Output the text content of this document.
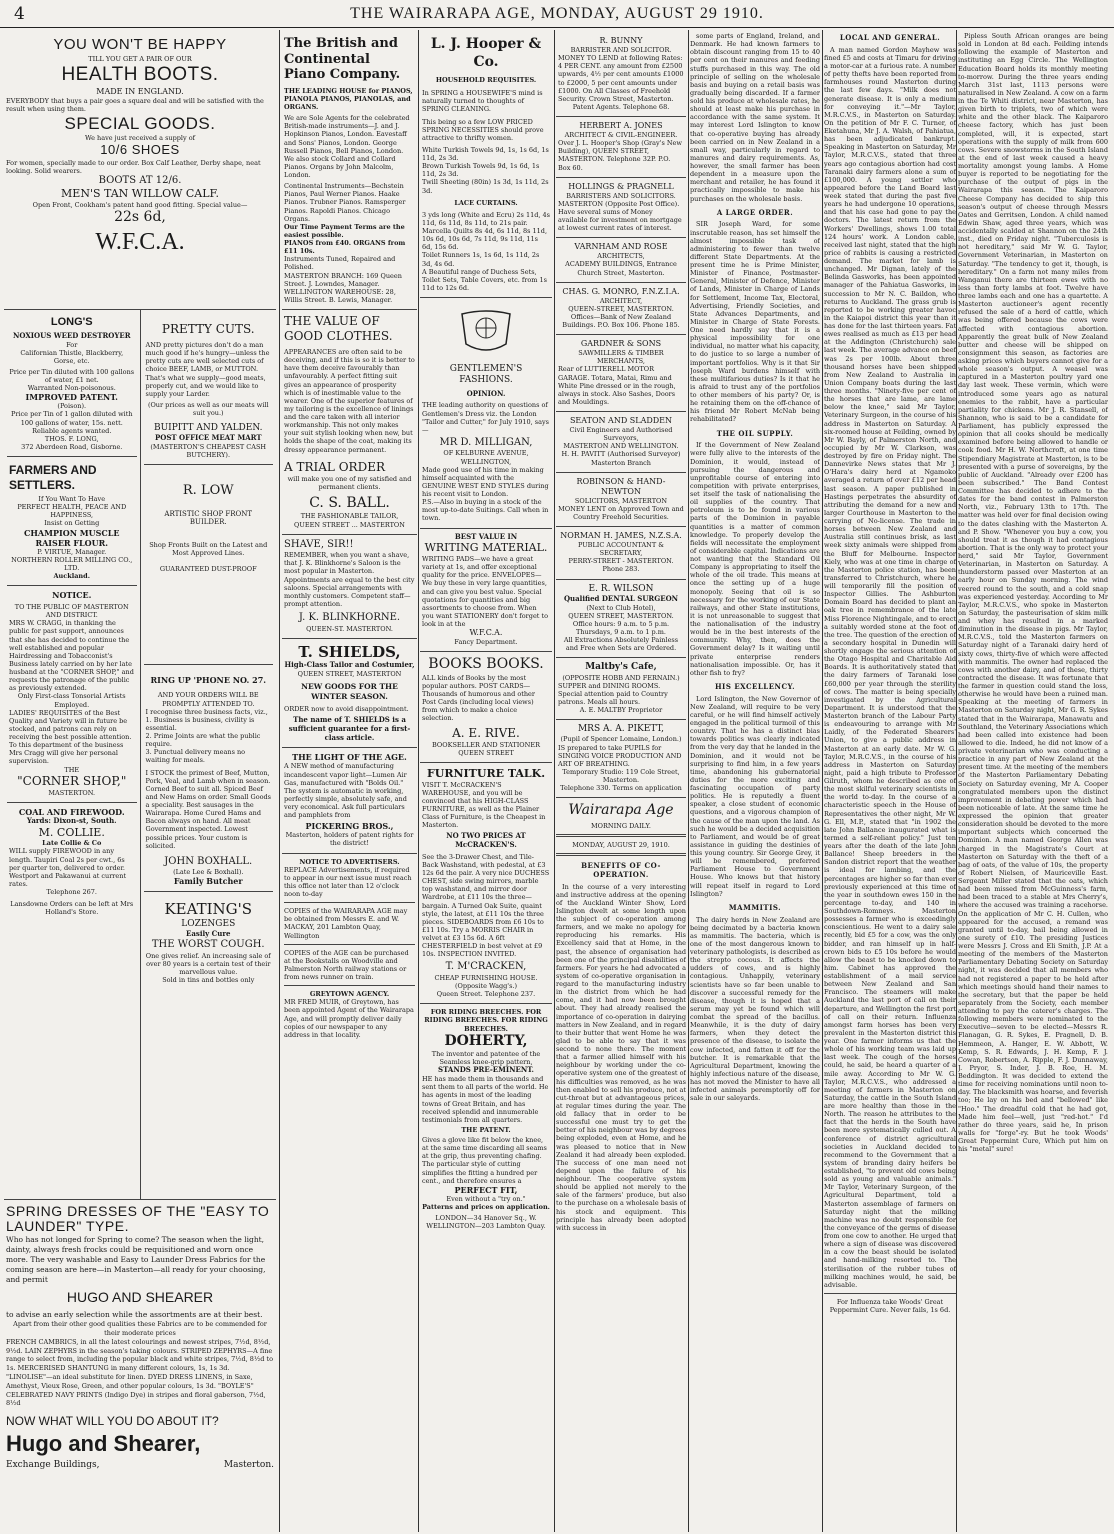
4	THE WAIRARAPA AGE, MONDAY, AUGUST 29 1910.
YOU WON'T BE HAPPY
TILL YOU GET A PAIR OF OUR
HEALTH BOOTS.
MADE IN ENGLAND.
EVERYBODY that buys a pair goes a square deal and will be satisfied with the result when using them.
SPECIAL GOODS.
We have just received a supply of
10/6 SHOES
For women, specially made to our order. Box Calf Leather, Derby shape, neat looking. Solid wearers.
BOOTS AT 12/6.
MEN'S TAN WILLOW CALF.
Open Front, Cookham's patent hand good fitting. Special value—
22s 6d,
W.F.C.A.
LONG'S
NOXIOUS WEED DESTROYER
For
Californian Thistle, Blackberry, Gorse, etc.
Price per Tin diluted with 100 gallons of water, £1 net.
Warranted Non-poisonous.
IMPROVED PATENT.
(Poison).
Price per Tin of 1 gallon diluted with 100 gallons of water, 15s. nett. Reliable agents wanted.
THOS. F. LONG,
372 Aberdeen Road, Gisborne.
FARMERS AND SETTLERS.
If You Want To Have
PERFECT HEALTH, PEACE AND HAPPINESS,
Insist on Getting
CHAMPION MUSCLE RAISER FLOUR.
P. VIRTUE, Manager.
NORTHERN ROLLER MILLING CO., LTD.
Auckland.
NOTICE.
TO THE PUBLIC OF MASTERTON AND DISTRICT.
MRS W. CRAGG, in thanking the public for past support, announces that she has decided to continue the well established and popular Hairdressing and Tobacconist's Business lately carried on by her late husband at the "CORNER SHOP," and requests the patronage of the public as previously extended.
Only First-class Tonsorial Artists Employed.
LADIES' REQUISITES of the Best Quality and Variety will in future be stocked, and patrons can rely on receiving the best possible attention. To this department of the business Mrs Cragg will give her personal supervision.
THE
"CORNER SHOP,"
MASTERTON.
COAL AND FIREWOOD.
Yards: Dixon-st, South.
M. COLLIE.
Late Collie & Co
WILL supply FIREWOOD in any length. Taupiri Coal 2s per cwt., 6s per quarter ton, delivered to order. Westport and Pakawanui at current rates.
Telephone 267.
Lansdowne Orders can be left at Mrs Holland's Store.
PRETTY CUTS.
AND pretty pictures don't do a man much good if he's hungry—unless the pretty cuts are well selected cuts of choice BEEF, LAMB, or MUTTON. That's what we supply—good meats, properly cut, and we would like to supply your Larder.
(Our prices as well as our meats will suit you.)
BUIPITT AND YALDEN.
POST OFFICE MEAT MART
(MASTERTON'S CHEAPEST CASH BUTCHERY).
R. LOW
ARTISTIC SHOP FRONT BUILDER.
Shop Fronts Built on the Latest and Most Approved Lines.
GUARANTEED DUST-PROOF
RING UP 'PHONE NO. 27.
AND YOUR ORDERS WILL BE PROMPTLY ATTENDED TO.
I recognise three business facts, viz., 1. Business is business, civility is essential.
2. Prime Joints are what the public require.
3. Punctual delivery means no waiting for meals.
I STOCK the primest of Beef, Mutton, Pork, Veal, and Lamb when in season. Corned Beef to suit all. Spiced Beef and New Hams on order. Small Goods a speciality. Best sausages in the Wairarapa. Home Cured Hams and Bacon always on hand. All meat Government inspected. Lowest possible prices. Your custom is solicited.
JOHN BOXHALL.
(Late Lee & Boxhall).
Family Butcher
KEATING'S
LOZENGES
Easily Cure
THE WORST COUGH.
One gives relief. An increasing sale of over 80 years is a certain test of their marvellous value.
Sold in tins and bottles only
SPRING DRESSES OF THE "EASY TO LAUNDER" TYPE.
Who has not longed for Spring to come? The season when the light, dainty, always fresh frocks could be requisitioned and worn once more. The very washable and Easy to Launder Dress Fabrics for the coming season are here—in Masterton—all ready for your choosing, and permit
HUGO AND SHEARER
to advise an early selection while the assortments are at their best.
Apart from their other good qualities these Fabrics are to be commended for their moderate prices
FRENCH CAMBRICS, in all the latest colourings and newest stripes, 7½d, 8½d, 9½d. LAIN ZEPHYRS in the season's taking colours. STRIPED ZEPHYRS—A fine range to select from, including the popular black and white stripes, 7½d, 8½d to 1s. MERCERISED SHANTUNG in many different colours, 1s, 1s 3d. "LINOLISE"—an ideal substitute for linen. DYED DRESS LINENS, in Saxe, Amethyst, Vieux Rose, Green, and other popular colours, 1s 3d. "BOYLE'S" CELEBRATED NAVY PRINTS (Indigo Dye) in stripes and floral gaberson, 7½d, 8½d
NOW WHAT WILL YOU DO ABOUT IT?
Hugo and Shearer,
Exchange Buildings,	Masterton.
The British and Continental Piano Company.
THE LEADING HOUSE for PIANOS, PIANOLA PIANOS, PIANOLAS, and ORGANS.
We are Sole Agents for the celebrated British-made instruments—J. and J. Hopkinson Pianos, London. Eavestaff and Sons' Pianos, London. George Russell Pianos, Bell Pianos, London. We also stock Collard and Collard Pianos. Organs by John Malcolm, London.
Continental Instruments—Bechstein Pianos, Paul Werner Pianos. Haake Pianos. Trubner Pianos. Ramsperger Pianos. Rapoldi Pianos. Chicago Organs.
Our Time Payment Terms are the easiest possible.
PIANOS from £40. ORGANS from £11 10s.
Instruments Tuned, Repaired and Polished.
MASTERTON BRANCH: 169 Queen Street. J. Lowndes, Manager.
WELLINGTON WAREHOUSE: 28, Willis Street. B. Lewis, Manager.
THE VALUE OF GOOD CLOTHES.
APPEARANCES are often said to be deceiving, and if this is so it is better to have them deceive favourably than unfavourably. A perfect fitting suit gives an appearance of prosperity which is of inestimable value to the wearer. One of the superior features of my tailoring is the excellence of linings and the care taken with all interior workmanship. This not only makes your suit stylish looking when new, but holds the shape of the coat, making its dressy appearance permanent.
A TRIAL ORDER
will make you one of my satisfied and permanent clients.
C. S. BALL.
THE FASHIONABLE TAILOR,
QUEEN STREET ... MASTERTON
SHAVE, SIR!!
REMEMBER, when you want a shave, that J. K. Blinkhorne's Saloon is the most popular in Masterton. Appointments are equal to the best city saloons. Special arrangements with monthly customers. Competent staff—prompt attention.
J. K. BLINKHORNE.
QUEEN-ST. MASTERTON.
T. SHIELDS,
High-Class Tailor and Costumier,
QUEEN STREET, MASTERTON
NEW GOODS FOR THE WINTER SEASON.
ORDER now to avoid disappointment.
The name of T. SHIELDS is a sufficient guarantee for a first-class article.
THE LIGHT OF THE AGE.
A NEW method of manufacturing incandescent vapor light—Lumen Air Gas, manufactured with "Bolds Oil." The system is automatic in working, perfectly simple, absolutely safe, and very economical. Ask full particulars and pamphlets from
PICKERING BROS.,
Masterton, holders of patent rights for the district!
NOTICE TO ADVERTISERS.
REPLACE Advertisements, if required to appear in our next issue must reach this office not later than 12 o'clock noon to-day
COPIES of the WAIRARAPA AGE may be obtained from Messrs E. and W. MACKAY, 201 Lambton Quay, Wellington
COPIES of the AGE can be purchased at the Bookstalls on Woodville and Palmerston North railway stations or from news runner on train.
GREYTOWN AGENCY.
MR FRED MUIR, of Greytown, has been appointed Agent of the Wairarapa Age, and will promptly deliver daily copies of our newspaper to any address in that locality.
L. J. Hooper & Co.
HOUSEHOLD REQUISITES.
In SPRING a HOUSEWIFE'S mind is naturally turned to thoughts of SPRING CLEANING.
This being so a few LOW PRICED SPRING NECESSITIES should prove attractive to thrifty women.
White Turkish Towels 9d, 1s, 1s 6d, 1s 11d, 2s 3d.
Brown Turkish Towels 9d, 1s 6d, 1s 11d, 2s 3d.
Twill Sheeting (80in) 1s 3d, 1s 11d, 2s 3d.
LACE CURTAINS.
3 yds long (White and Ecru) 2s 11d, 4s 11d, 6s 11d, 8s 11d, to 21s pair.
Marcella Quilts 8s 4d, 6s 11d, 8s 11d, 10s 6d, 10s 6d, 7s 11d, 9s 11d, 11s 6d, 15s 6d.
Toilet Runners 1s, 1s 6d, 1s 11d, 2s 3d, 4s 6d.
A Beautiful range of Duchess Sets, Toilet Sets, Table Covers, etc. from 1s 11d to 12s 6d.
GENTLEMEN'S FASHIONS.
OPINION.
THE leading authority on questions of Gentlemen's Dress viz. the London "Tailor and Cutter," for July 1910, says—
MR D. MILLIGAN,
OF KELBURNE AVENUE, WELLINGTON,
Made good use of his time in making himself acquainted with the GENUINE WEST END STYLES during his recent visit to London.
P.S.—Also in buying in a stock of the most up-to-date Suitings. Call when in town.
BEST VALUE IN
WRITING MATERIAL.
WRITING PADS—we have a great variety at 1s, and offer exceptional quality for the price. ENVELOPES—We buy these in very large quantities, and can give you best value. Special quotations for quantities and big assortments to choose from. When you want STATIONERY don't forget to look in at the
W.F.C.A.
Fancy Department.
BOOKS BOOKS.
ALL kinds of Books by the most popular authors. POST CARDS—Thousands of humorous and other Post Cards (including local views) from which to make a choice selection.
A. E. RIVE.
BOOKSELLER AND STATIONER
QUEEN STREET
FURNITURE TALK.
VISIT T. McCRACKEN'S WAREHOUSE, and you will be convinced that his HIGH-CLASS FURNITURE, as well as the Plainer Class of Furniture, is the Cheapest in Masterton.
NO TWO PRICES AT McCRACKEN'S.
See the 3-Drawer Chest, and Tile-Back Washstand, with pedestal, at £3 12s 6d the pair. A very nice DUCHESS CHEST, side swing mirrors, marble top washstand, and mirror door Wardrobe, at £11 10s the three—bargain. A Turned Oak Suite, quaint style, the latest, at £11 10s the three pieces. SIDEBOARDS from £6 10s to £11 10s. Try a MORRIS CHAIR in velvet at £3 15s 6d. A 6ft CHESTERFIELD in best velvet at £9 10s. INSPECTION INVITED.
T. M'CRACKEN,
CHEAP FURNISHING HOUSE.
(Opposite Wagg's.)
Queen Street. Telephone 237.
FOR RIDING BREECHES. FOR RIDING BREECHES. FOR RIDING BREECHES.
DOHERTY,
The inventor and patentee of the Seamless knee-grip pattern,
STANDS PRE-EMINENT.
HE has made them in thousands and sent them to all parts of the world. He has agents in most of the leading towns of Great Britain, and has received splendid and innumerable testimonials from all quarters.
THE PATENT.
Gives a glove like fit below the knee, at the same time discarding all seams at the grip, thus preventing chafing. The particular style of cutting simplifies the fitting a hundred per cent., and therefore ensures a
PERFECT FIT,
Even without a "try on."
Patterns and prices on application.
LONDON—34 Hanover Sq., W. WELLINGTON—203 Lambton Quay.
R. BUNNY
BARRISTER AND SOLICITOR.
MONEY TO LEND at following Rates: 4 PER CENT. any amount from £2500 upwards, 4½ per cent amounts £1000 to £2000, 5 per cent amounts under £1000. On All Classes of Freehold Security. Crown Street, Masterton.
Patent Agents. Telephone 68.
HERBERT A. JONES
ARCHITECT & CIVIL-ENGINEER.
Over J. L. Hooper's Shop (Gray's New Building), QUEEN STREET, MASTERTON. Telephone 32P. P.O. Box 60.
HOLLINGS & PRAGNELL
BARRISTERS AND SOLICITORS.
MASTERTON (Opposite Post Office). Have several sums of Money available for investment on mortgage at lowest current rates of interest.
VARNHAM AND ROSE
ARCHITECTS,
ACADEMY BUILDINGS, Entrance Church Street, Masterton.
CHAS. G. MONRO, F.N.Z.I.A.
ARCHITECT,
QUEEN-STREET, MASTERTON.
Offices—Bank of New Zealand Buildings. P.O. Box 106. Phone 185.
GARDNER & SONS
SAWMILLERS & TIMBER MERCHANTS,
Rear of LUTTERELL MOTOR GARAGE. Totara, Matai, Rimu and White Pine dressed or in the rough, always in stock. Also Sashes, Doors and Mouldings.
SEATON AND SLADDEN
Civil Engineers and Authorised Surveyors,
MASTERTON AND WELLINGTON.
H. H. PAVITT (Authorised Surveyor) Masterton Branch
ROBINSON & HAND-NEWTON
SOLICITORS, MASTERTON
MONEY LENT on Approved Town and Country Freehold Securities.
NORMAN H. JAMES, N.Z.S.A.
PUBLIC ACCOUNTANT & SECRETARY,
PERRY-STREET - MASTERTON.
Phone 283.
E. R. WILSON
Qualified DENTAL SURGEON
(Next to Club Hotel),
QUEEN STREET, MASTERTON.
Office hours: 9 a.m. to 5 p.m. Thursdays, 9 a.m. to 1 p.m.
All Extractions Absolutely Painless and Free when Sets are Ordered.
Maltby's Cafe,
(OPPOSITE HOBB AND FERNAIN.)
SUPPER and DINING ROOMS. Special attention paid to Country patrons. Meals all hours.
A. E. MALTBY Proprietor
MRS A. A. PIKETT,
(Pupil of Spencer Lomaine, London.)
IS prepared to take PUPILS for SINGING VOICE PRODUCTION AND ART OF BREATHING.
Temporary Studio: 119 Cole Street, Masterton.
Telephone 330. Terms on application
Wairarapa Age
MORNING DAILY.
MONDAY, AUGUST 29, 1910.
BENEFITS OF CO-OPERATION.

In the course of a very interesting and instructive address at the opening of the Auckland Winter Show, Lord Islington dwelt at some length upon the subject of co-operation among farmers, and we make no apology for reproducing his remarks. His Excellency said that at Home, in the past, the absence of organisation had been one of the principal disabilities of farmers. For years he had advocated a system of co-operative organisation in regard to the manufacturing industry in the district from which he had come, and it had now been brought about. They had already realised the importance of co-operation in dairying matters in New Zealand, and in regard to their butter that went Home he was glad to be able to say that it was second to none there. The moment that a farmer allied himself with his neighbour by working under the co-operative system one of the greatest of his difficulties was removed, as he was then enabled to sell his produce, not at cut-throat but at advantageous prices, at regular times during the year. The old fallacy that in order to be successful one must try to get the better of his neighbour was by degrees being exploded, even at Home, and he was pleased to notice that in New Zealand it had already been exploded. The success of one man need not depend upon the failure of his neighbour. The cooperative system should be applied not merely to the sale of the farmers' produce, but also to the purchase on a wholesale basis of his stock and equipment. This principle has already been adopted with success in

some parts of England, Ireland, and Denmark. He had known farmers to obtain discount ranging from 15 to 40 per cent on their manures and feeding stuffs purchased in this way. The old principle of selling on the wholesale basis and buying on a retail basis was gradually being discarded. If a farmer sold his produce at wholesale rates, he should at least make his purchase in accordance with the same system. It may interest Lord Islington to know that co-operative buying has already been carried on in New Zealand in a small way, particularly in regard to manures and dairy requirements. As, however, the small farmer has been dependent in a measure upon the merchant and retailer, he has found it practically impossible to make his purchases on the wholesale basis.

A LARGE ORDER.

SIR Joseph Ward, for some inscrutable reason, has set himself the almost impossible task of administering to fewer than twelve different State Departments. At the present time he is Prime Minister, Minister of Finance, Postmaster-General, Minister of Defence, Minister of Lands, Minister in Charge of Lands for Settlement, Income Tax, Electoral, Advertising, Friendly Societies, and State Advances Departments, and Minister in Charge of State Forests. One need hardly say that it is a physical impossibility for one individual, no matter what his capacity, to do justice to so large a number of important portfolios. Why is it that Sir Joseph Ward burdens himself with these multifarious duties? Is it that he is afraid to trust any of the portfolios to other members of his party? Or, is he retaining them on the off-chance of his friend Mr Robert McNab being rehabilitated?

THE OIL SUPPLY.

If the Government of New Zealand were fully alive to the interests of the Dominion, it would, instead of pursuing the dangerous and unprofitable course of entering into competition with private enterprises, set itself the task of nationalising the oil supplies of the country. That petroleum is to be found in various parts of the Dominion in payable quantities is a matter of common knowledge. To properly develop the fields will necessitate the employment of considerable capital. Indications are not wanting that the Standard Oil Company is appropriating to itself the whole of the oil trade. This means at once the setting up of a huge monopoly. Seeing that oil is so necessary for the working of our State railways, and other State institutions, it is not unreasonable to suggest that the nationalisation of the industry would be in the best interests of the community. Why, then, does the Government delay? Is it waiting until private enterprise renders nationalisation impossible. Or, has it other fish to fry?

HIS EXCELLENCY.

Lord Islington, the New Governor of New Zealand, will require to be very careful, or he will find himself actively engaged in the political turmoil of this country. That he has a distinct bias towards politics was clearly indicated from the very day that he landed in the Dominion, and it would not be surprising to find him, in a few years time, abandoning his gubernatorial duties for the more exciting and fascinating occupation of party politics. He is reputedly a fluent speaker, a close student of economic questions, and a vigorous champion of the cause of the man upon the land. As such he would be a decided acquisition to Parliament, and would be of great assistance in guiding the destinies of this young country. Sir George Grey, it will be remembered, preferred Parliament House to Government House. Who knows but that history will repeat itself in regard to Lord Islington?

MAMMITIS.

The dairy herds in New Zealand are being decimated by a bacteria known as mammitis. The bacteria, which is one of the most dangerous known to veterinary pathologists, is described as the strepto cocous. It affects the udders of cows, and is highly contagious. Unhappily, veterinary scientists have so far been unable to discover a successful remedy for the disease, though it is hoped that a serum may yet be found which will combat the spread of the bacillus. Meanwhile, it is the duty of dairy farmers, when they detect the presence of the disease, to isolate the cow infected, and fatten it off for the butcher. It is remarkable that the Agricultural Department, knowing the highly infectious nature of the disease, has not moved the Minister to have all infected animals peremptorily off for sale in our saleyards.

LOCAL AND GENERAL.

A man named Gordon Mayhew was fined £5 and costs at Timaru for driving a motor-car at a furious rate. A number of petty thefts have been reported from farmhouses round Masterton during the last few days. "Milk does not generate disease. It is only a medium for conveying it."—Mr Taylor, M.R.C.V.S., in Masterton on Saturday. On the petition of Mr F. C. Turner, of Eketahuna, Mr J. A. Walsh, of Pahiatua, has been adjudicated bankrupt. Speaking in Masterton on Saturday, Mr Taylor, M.R.C.V.S., stated that three years ago contagious abortion had cost Taranaki dairy farmers alone a sum of £100,000. A young settler who appeared before the Land Board last week stated that during the past five years he had undergone 10 operations, and that his case had gone to pay the doctors. The latest return from the Workers' Dwellings, shows 1.00 total 124 hours' work. A London cable, received last night, stated that the high price of rabbits is causing a restricted demand. The market for lamb is unchanged. Mr Dignan, lately of the Belinda Gasworks, has been appointed manager of the Pahiatua Gasworks, in succession to Mr N. C. Baildon, who returns to Auckland. The grass grub is reported to be working greater havoc in the Kaiapoi district this year than it has done for the last thirteen years. Fat ewes realised as much as £13 per head at the Addington (Christchurch) sale last week. The average advance on beef was 2s per 100lb. About three thousand horses have been shipped from New Zealand to Australia in Union Company boats during the last three months. "Ninety-five per cent of the horses that are lame, are lame below the knee," said Mr Taylor, Veterinary Surgeon, in the course of his address in Masterton on Saturday. A six-roomed house at Feilding, owned by Mr W. Bayly, of Palmerston North, and occupied by Mr W. Clarkson, was destroyed by fire on Friday night. The Dannevirke News states that Mr J. O'Hara's dairy herd at Ngamoko averaged a return of over £12 per head last season. A paper published in Hastings perpetrates the absurdity of attributing the demand for a new and larger Courthouse in Masterton to the carrying of No-license. The trade in horses between New Zealand and Australia still continues brisk, as last week sixty animals were shipped from the Bluff for Melbourne. Inspector Kiely, who was at one time in charge of the Masterton police station, has been transferred to Christchurch, where he will temporarily fill the position of Inspector Gillies. The Ashburton Domain Board has decided to plant an oak tree in remembrance of the late Miss Florence Nightingale, and to erect a suitably worded stone at the foot of the tree. The question of the erection of a secondary hospital in Dunedin will shortly engage the serious attention of the Otago Hospital and Charitable Aid Boards. It is authoritatively stated that the dairy farmers of Taranaki lose £60,000 per year through the sterility of cows. The matter is being specially investigated by the Agricultural Department. It is understood that the Masterton branch of the Labour Party is endeavouring to arrange with Mr Laidly, of the Federated Shearers' Union, to give a public address in Masterton at an early date. Mr W. G. Taylor, M.R.C.V.S., in the course of his address in Masterton on Saturday night, paid a high tribute to Professor Gilruth, whom he described as one of the most skilful veterinary scientists in the world to-day. In the course of a characteristic speech in the House of Representatives the other night, Mr W. G. Ell, M.P., stated that "in 1902 the late John Ballance inaugurated what is termed a self-reliant policy." Just ten years after the death of the late John Ballance! Sheep breeders in the Sandon district report that the weather is ideal for lambing, and the percentages are higher so far than ever previously experienced at this time of the year in southdown ewes 150 in the percentage to-day, and 140 in Southdown-Romneys. Masterton possesses a farmer who is exceedingly conscientious. He went to a dairy sale recently, bid £5 for a cow, was the only bidder, and ran himself up in half-crown bids to £5 10s before he would allow the beast to be knocked down to him. Cabinet has approved the establishment of a mail service between New Zealand and San Francisco. The steamers will make Auckland the last port of call on their departure, and Wellington the first port of call on their return. Influenza amongst farm horses has been very prevalent in the Masterton district this year. One farmer informs us that the whole of his working team was laid up last week. The cough of the horses could, he said, be heard a quarter of a mile away. According to Mr W. G. Taylor, M.R.C.V.S., who addressed a meeting of farmers in Masterton on Saturday, the cattle in the South Island are more healthy than those in the North. The reason he attributes to the fact that the herds in the South have been more systematically culled out. A conference of district agricultural societies in Auckland decided to recommend to the Government that a system of branding dairy heifers be established, "to prevent old cows being sold as young and valuable animals." Mr Taylor, Veterinary Surgeon, of the Agricultural Department, told a Masterton assemblage of farmers on Saturday night that the milking machine was no doubt responsible for the conveyance of the germs of disease from one cow to another. He urged that where a sign of disease was discovered in a cow the beast should be isolated and hand-milking resorted to. The sterilisation of the rubber tubes of milking machines would, he said, be advisable.

For Influenza take Woods' Great Peppermint Cure. Never fails, 1s 6d.

Pipless South African oranges are being sold in London at 8d each. Feilding intends following the example of Masterton and instituting an Egg Circle. The Wellington Education Board holds its monthly meeting to-morrow. During the three years ending March 31st last, 1113 persons were naturalised in New Zealand. A cow on a farm in the Te Whiti district, near Masterton, has given birth to triplets, two of which were white and the other black. The Kaiparoro cheese factory, which has just been completed, will, it is expected, start operations with the supply of milk from 600 cows. Severe snowstorms in the South Island at the end of last week caused a heavy mortality amongst young lambs. A Home buyer is reported to be negotiating for the purchase of the output of pigs in the Wairarapa this season. The Kaiparoro Cheese Company has decided to ship this season's output of cheese through Messrs Oates and Gerritsen, London. A child named Edwin Shaw, aged three years, which was accidentally scalded at Shannon on the 24th inst., died on Friday night. "Tuberculosis is not hereditary," said Mr W. G. Taylor, Government Veterinarian, in Masterton on Saturday. "The tendency to get it, though, is hereditary." On a farm not many miles from Wanganui there are thirteen ewes with no less than forty lambs at foot. Twelve have three lambs each and one has a quartette. A Masterton auctioneer's agent recently refused the sale of a herd of cattle, which was being offered because the cows were affected with contagious abortion. Apparently the great bulk of New Zealand butter and cheese will be shipped on consignment this season, as factories are asking prices which buyers cannot give for a whole season's output. A weasel was captured in a Masterton poultry yard one day last week. These vermin, which were introduced some years ago as natural enemies to the rabbit, have a particular partiality for chickens. Mr J. R. Stansell, of Shannon, who is said to be a candidate for Parliament, has publicly expressed the opinion that all cooks should be medically examined before being allowed to handle or cook food. Mr H. W. Northcroft, at one time Stipendiary Magistrate at Masterton, is to be presented with a purse of sovereigns, by the public of Auckland. "Already over £200 has been subscribed." The Band Contest Committee has decided to adhere to the dates for the band contest in Palmerston North, viz., February 13th to 17th. The matter was held over for final decision owing to the dates clashing with the Masterton A. and P. Show. "Whenever you buy a cow, you should treat it as though it had contagious abortion. That is the only way to protect your herd," said Mr Taylor, Government Veterinarian, in Masterton on Saturday. A thunderstorm passed over Masterton at an early hour on Sunday morning. The wind veered round to the south, and a cold snap was experienced yesterday. According to Mr Taylor, M.R.C.V.S., who spoke in Masterton on Saturday, the pasteurisation of skim milk and whey has resulted in a marked diminution in the disease in pigs. Mr Taylor, M.R.C.V.S., told the Masterton farmers on Saturday night of a Taranaki dairy herd of sixty cows, thirty-five of which were affected with mammitis. The owner had replaced the cows with another dairy, and of these, thirty contracted the disease. It was fortunate that the farmer in question could stand the loss, otherwise he would have been a ruined man. Speaking at the meeting of farmers in Masterton on Saturday night, Mr G. R. Sykes stated that in the Wairarapa, Manawatu and Southland, the Veterinary Associations which had been called into existence had been allowed to die. Indeed, he did not know of a private veterinarian who was conducting a practice in any part of New Zealand at the present time. At the meeting of the members of the Masterton Parliamentary Debating Society on Saturday evening, Mr A. Cooper congratulated members upon the distinct improvement in debating power which had been noticeable of late. At the same time he expressed the opinion that greater consideration should be devoted to the more important subjects which concerned the Dominion. A man named George Allen was charged in the Magistrate's Court at Masterton on Saturday with the theft of a bag of oats, of the value of 10s, the property of Robert Nielsen, of Mauriceville East. Sergeant Miller stated that the oats, which had been missed from McGuinness's farm, had been traced to a stable at Mrs Cherry's, where the accused was training a racehorse. On the application of Mr C. H. Cullen, who appeared for the accused, a remand was granted until to-day, bail being allowed in one surety of £10. The presiding Justices were Messrs J. Cross and Eli Smith, J.P. At a meeting of the members of the Masterton Parliamentary Debating Society on Saturday night, it was decided that all members who had not registered a paper to be held after which meetings should hand their names to the secretary, but that the paper be held separately from the Society, each member attending to pay the caterer's charges. The following members were nominated to the Executive—seven to be elected—Messrs R. Flanagan, G. R. Sykes, E. Pragnell, D. B. Hemmeon, A. Hanger, E. W. Abbott, W. Kemp, S. R. Edwards, J. H. Kemp, F. J. Cowan, Robertson, A. Ripple, F. J. Dunnaway, J. Pryor, S. Inder, J. B. Roe, H. M. Beddington. It was decided to extend the time for receiving nominations until noon to-day. The blacksmith was hoarse, and feverish too; He lay on his bed and "bellowed" like "Hoo." The dreadful cold that he had got, Made him feel—well, just "red-hot." I'd rather do three years, said he, In prison walls for "forge"-ry. But he took Woods' Great Peppermint Cure, Which put him on his "metal" sure!
